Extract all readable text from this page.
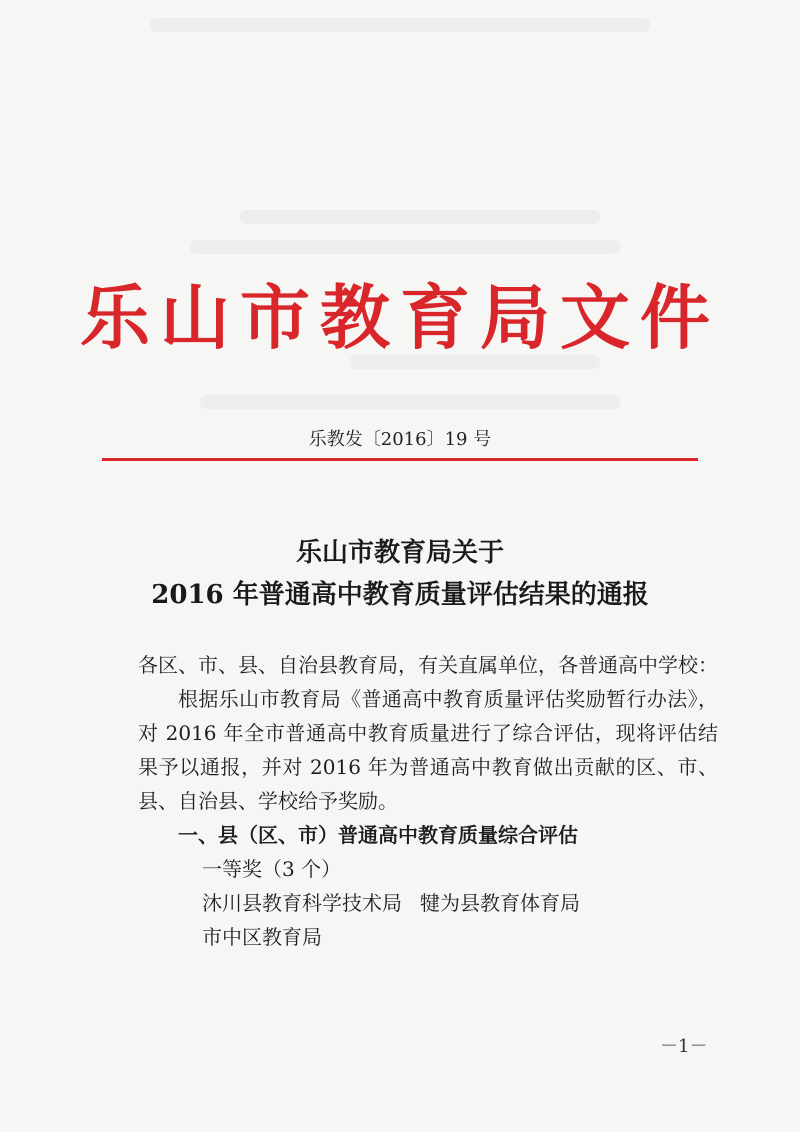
乐山市教育局文件
乐教发〔2016〕19 号
乐山市教育局关于
2016 年普通高中教育质量评估结果的通报

各区、市、县、自治县教育局，有关直属单位，各普通高中学校：

根据乐山市教育局《普通高中教育质量评估奖励暂行办法》，对 2016 年全市普通高中教育质量进行了综合评估，现将评估结果予以通报，并对 2016 年为普通高中教育做出贡献的区、市、县、自治县、学校给予奖励。

一、县（区、市）普通高中教育质量综合评估

一等奖（3 个）

沐川县教育科学技术局 犍为县教育体育局

市中区教育局

－1－
